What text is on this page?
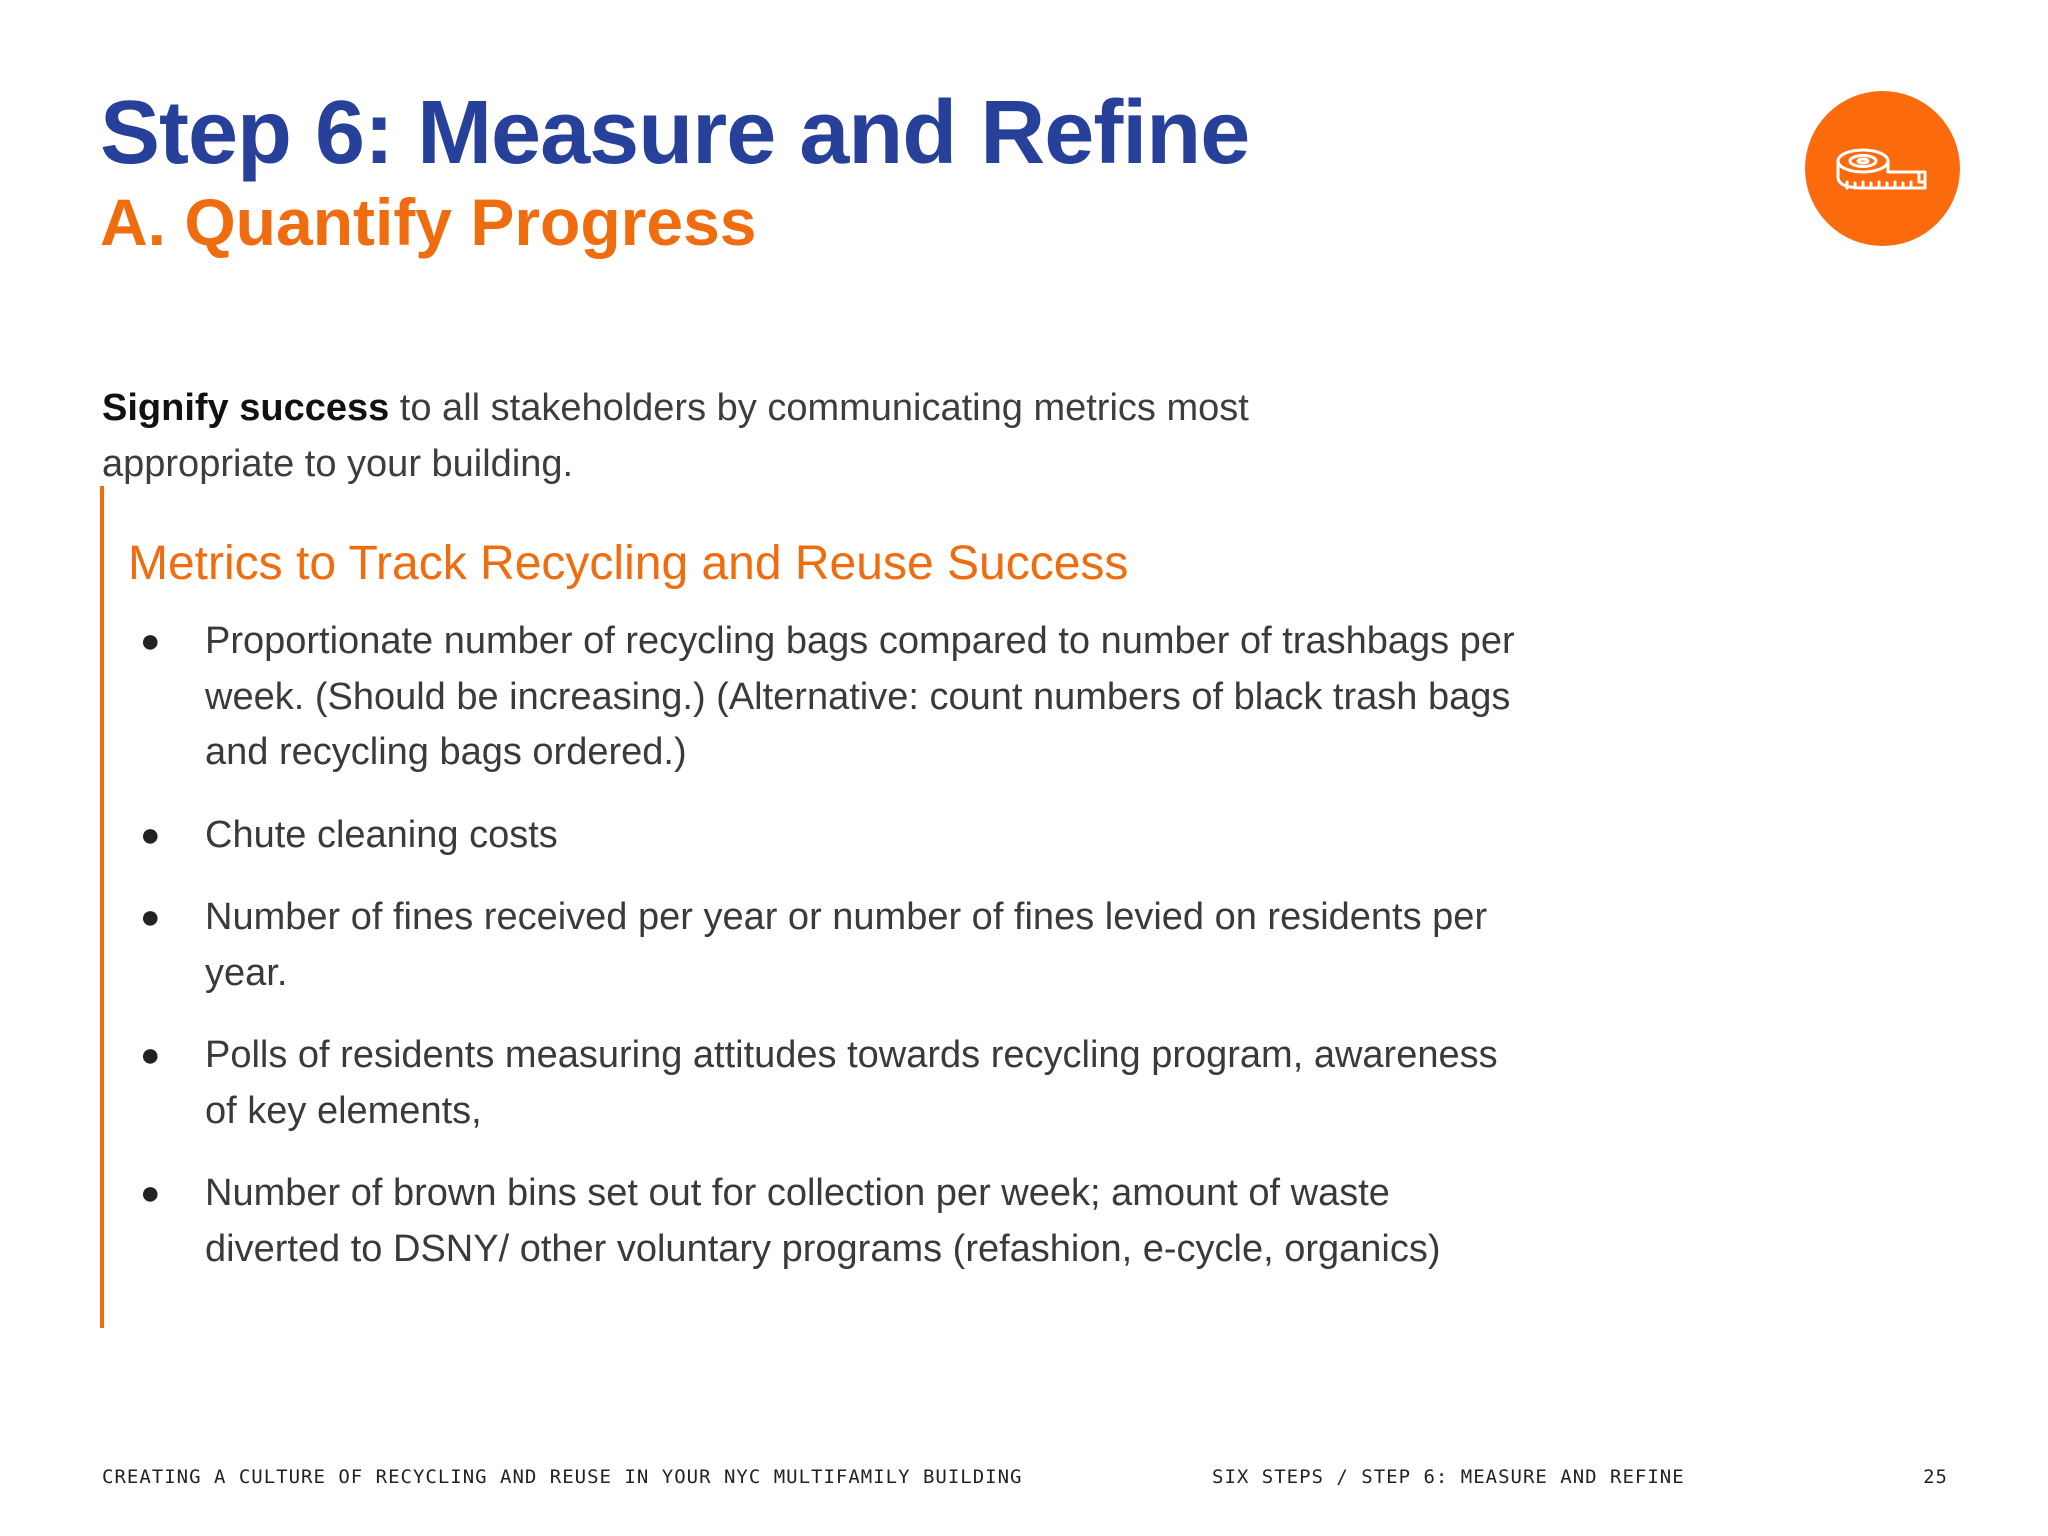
Step 6: Measure and Refine
A. Quantify Progress

Signify success to all stakeholders by communicating metrics most appropriate to your building.

Metrics to Track Recycling and Reuse Success
● Proportionate number of recycling bags compared to number of trashbags per week. (Should be increasing.) (Alternative: count numbers of black trash bags and recycling bags ordered.)
● Chute cleaning costs
● Number of fines received per year or number of fines levied on residents per year.
● Polls of residents measuring attitudes towards recycling program, awareness of key elements,
● Number of brown bins set out for collection per week; amount of waste diverted to DSNY/ other voluntary programs (refashion, e-cycle, organics)
CREATING A CULTURE OF RECYCLING AND REUSE IN YOUR NYC MULTIFAMILY BUILDING	SIX STEPS / STEP 6: MEASURE AND REFINE	25
